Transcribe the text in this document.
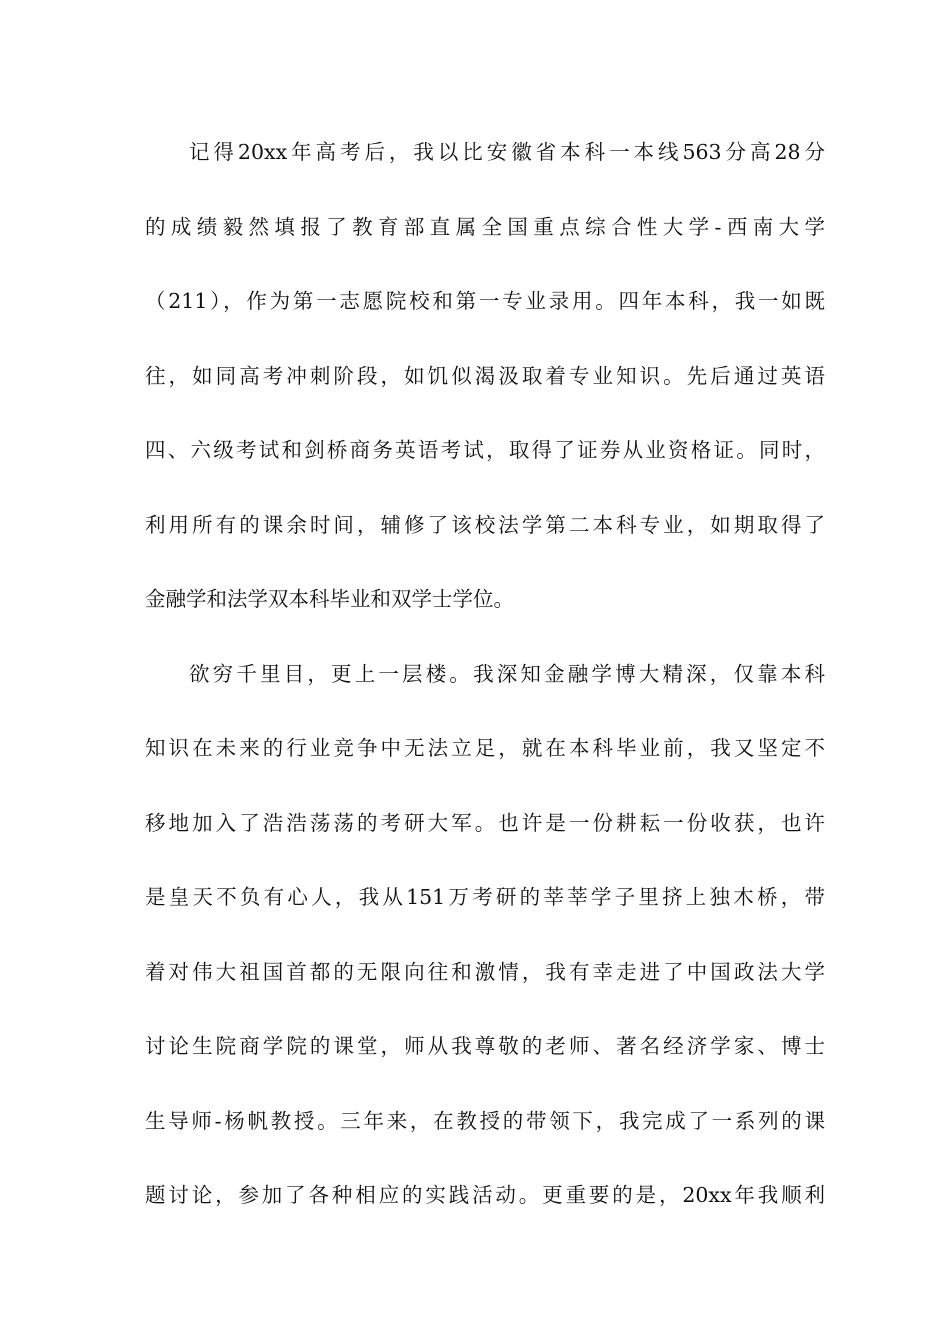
记得20xx年高考后，我以比安徽省本科一本线563分高28分
的成绩毅然填报了教育部直属全国重点综合性大学-西南大学
（211），作为第一志愿院校和第一专业录用。四年本科，我一如既
往，如同高考冲刺阶段，如饥似渴汲取着专业知识。先后通过英语
四、六级考试和剑桥商务英语考试，取得了证券从业资格证。同时，
利用所有的课余时间，辅修了该校法学第二本科专业，如期取得了
金融学和法学双本科毕业和双学士学位。
欲穷千里目，更上一层楼。我深知金融学博大精深，仅靠本科
知识在未来的行业竞争中无法立足，就在本科毕业前，我又坚定不
移地加入了浩浩荡荡的考研大军。也许是一份耕耘一份收获，也许
是皇天不负有心人，我从151万考研的莘莘学子里挤上独木桥，带
着对伟大祖国首都的无限向往和激情，我有幸走进了中国政法大学
讨论生院商学院的课堂，师从我尊敬的老师、著名经济学家、博士
生导师-杨帆教授。三年来，在教授的带领下，我完成了一系列的课
题讨论，参加了各种相应的实践活动。更重要的是，20xx年我顺利
